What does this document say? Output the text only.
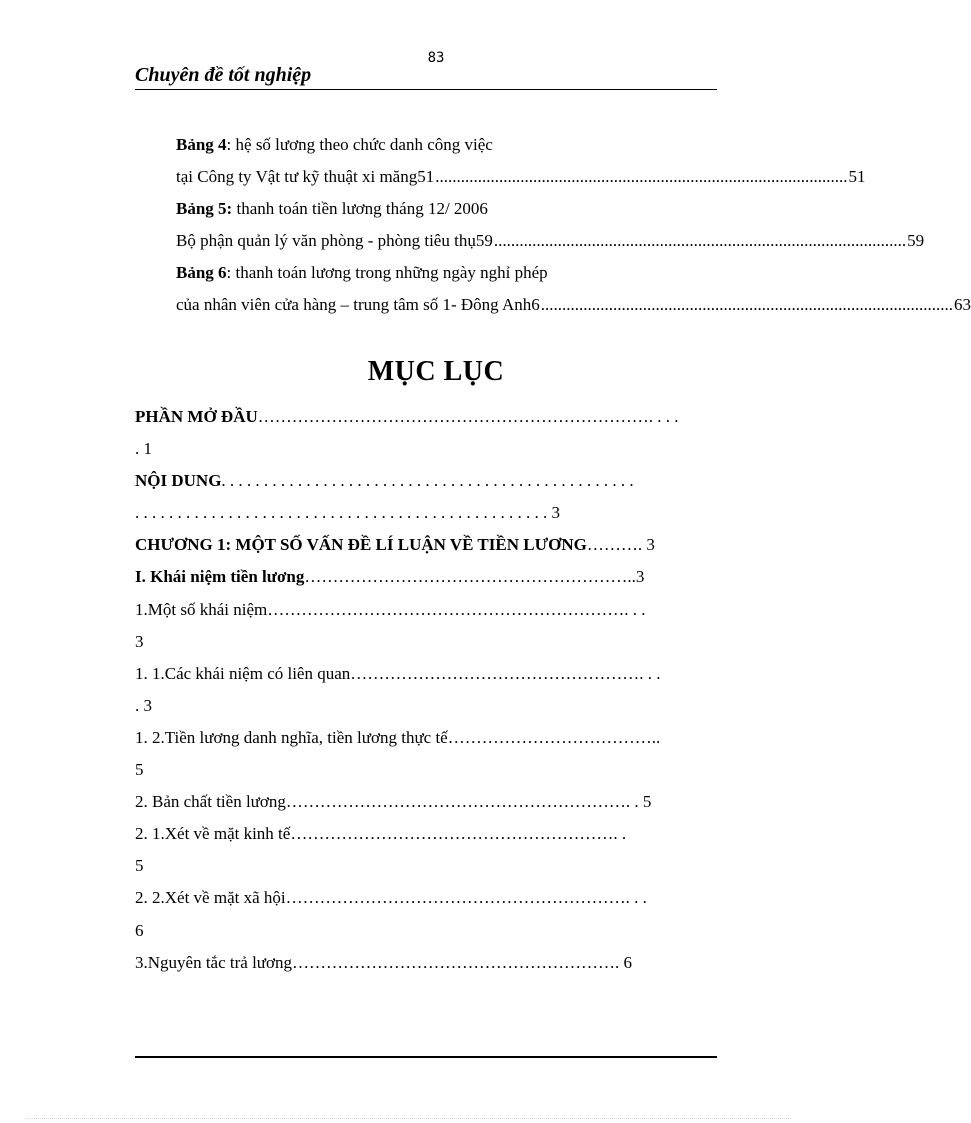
83
Chuyên đề tốt nghiệp
Bảng 4: hệ số lương theo chức danh công việc
tại Công ty Vật tư kỹ thuật xi măng51 ................................................................................................. 51
Bảng 5: thanh toán tiền lương tháng 12/ 2006
Bộ phận quản lý văn phòng - phòng tiêu thụ59 ................................................................................................. 59
Bảng 6: thanh toán lương trong những ngày nghỉ phép
của nhân viên cửa hàng – trung tâm số 1- Đông Anh6 ................................................................................................. 63
MỤC LỤC
PHẦN MỞ ĐẦU……………………………………………………………. . . .
. 1
NỘI DUNG. . . . . . . . . . . . . . . . . . . . . . . . . . . . . . . . . . . . . . . . . . . . . . . . .
. . . . . . . . . . . . . . . . . . . . . . . . . . . . . . . . . . . . . . . . . . . . . . . . . 3
CHƯƠNG 1: MỘT SỐ VẤN ĐỀ LÍ LUẬN VỀ TIỀN LƯƠNG………. 3
I. Khái niệm tiền lương…………………………………………………..3
1.Một số khái niệm………………………………………………………. . .
3
1. 1.Các khái niệm có liên quan……………………………………………. . .
. 3
1. 2.Tiền lương danh nghĩa, tiền lương thực tế………………………………..
5
2. Bản chất tiền lương……………………………………………………. . 5
2. 1.Xét về mặt kinh tế…………………………………………………. .
5
2. 2.Xét về mặt xã hội……………………………………………………. . .
6
3.Nguyên tắc trả lương…………………………………………………. 6
